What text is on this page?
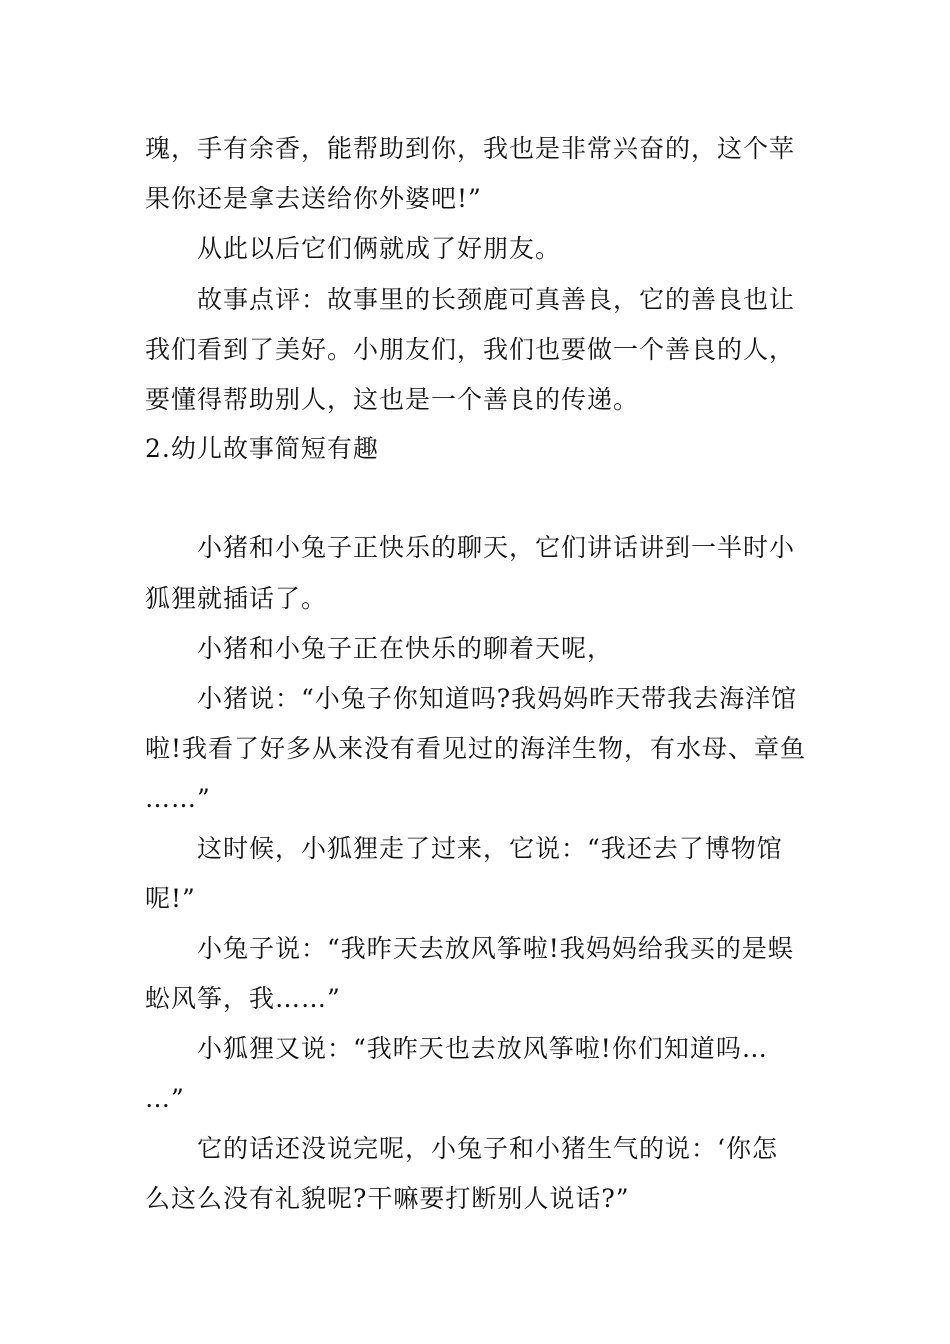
瑰，手有余香，能帮助到你，我也是非常兴奋的，这个苹
果你还是拿去送给你外婆吧!”
从此以后它们俩就成了好朋友。
故事点评：故事里的长颈鹿可真善良，它的善良也让
我们看到了美好。小朋友们，我们也要做一个善良的人，
要懂得帮助别人，这也是一个善良的传递。
2.幼儿故事简短有趣
小猪和小兔子正快乐的聊天，它们讲话讲到一半时小
狐狸就插话了。
小猪和小兔子正在快乐的聊着天呢，
小猪说：“小兔子你知道吗?我妈妈昨天带我去海洋馆
啦!我看了好多从来没有看见过的海洋生物，有水母、章鱼
……”
这时候，小狐狸走了过来，它说：“我还去了博物馆
呢!”
小兔子说：“我昨天去放风筝啦!我妈妈给我买的是蜈
蚣风筝，我……”
小狐狸又说：“我昨天也去放风筝啦!你们知道吗…
…”
它的话还没说完呢，小兔子和小猪生气的说：‘你怎
么这么没有礼貌呢?干嘛要打断别人说话?”
